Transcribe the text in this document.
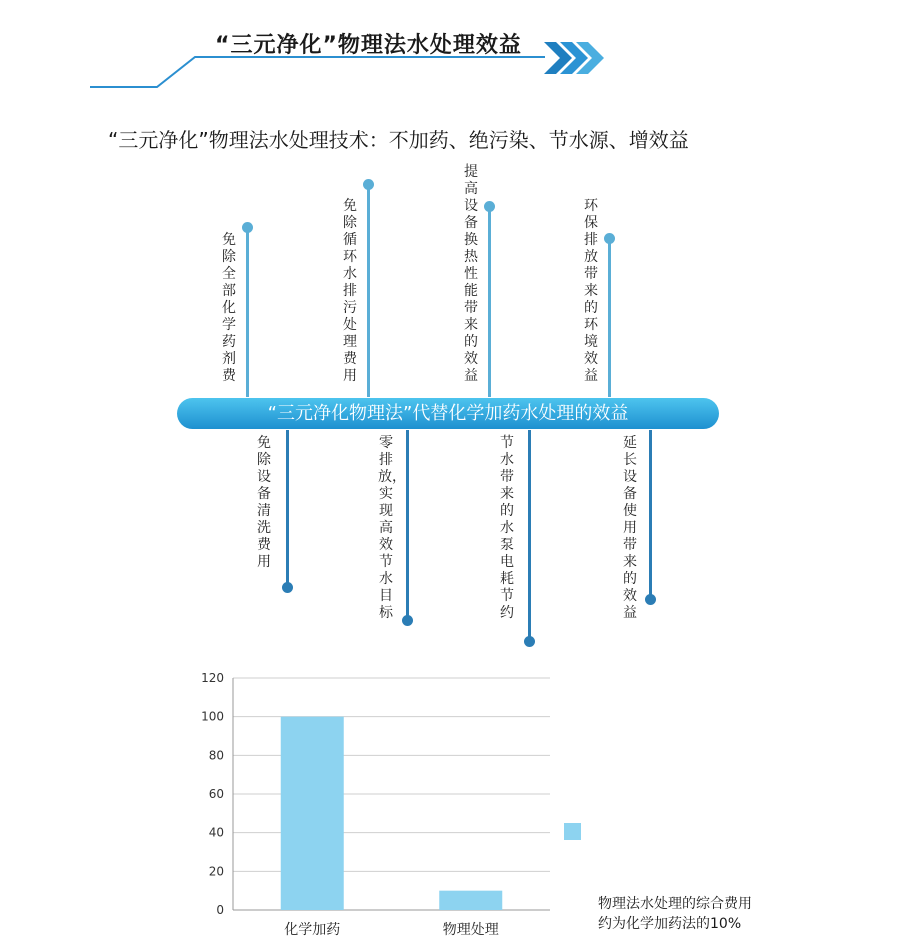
“三元净化”物理法水处理效益
“三元净化”物理法水处理技术：不加药、绝污染、节水源、增效益
免除全部化学药剂费
免除循环水排污处理费用
提高设备换热性能带来的效益
环保排放带来的环境效益
“三元净化物理法”代替化学加药水处理的效益
免除设备清洗费用
零排放，实现高效节水目标
节水带来的水泵电耗节约
延长设备使用带来的效益
0
20
40
60
80
100
120
化学加药	物理处理
物理法水处理的综合费用
约为化学加药法的10%
